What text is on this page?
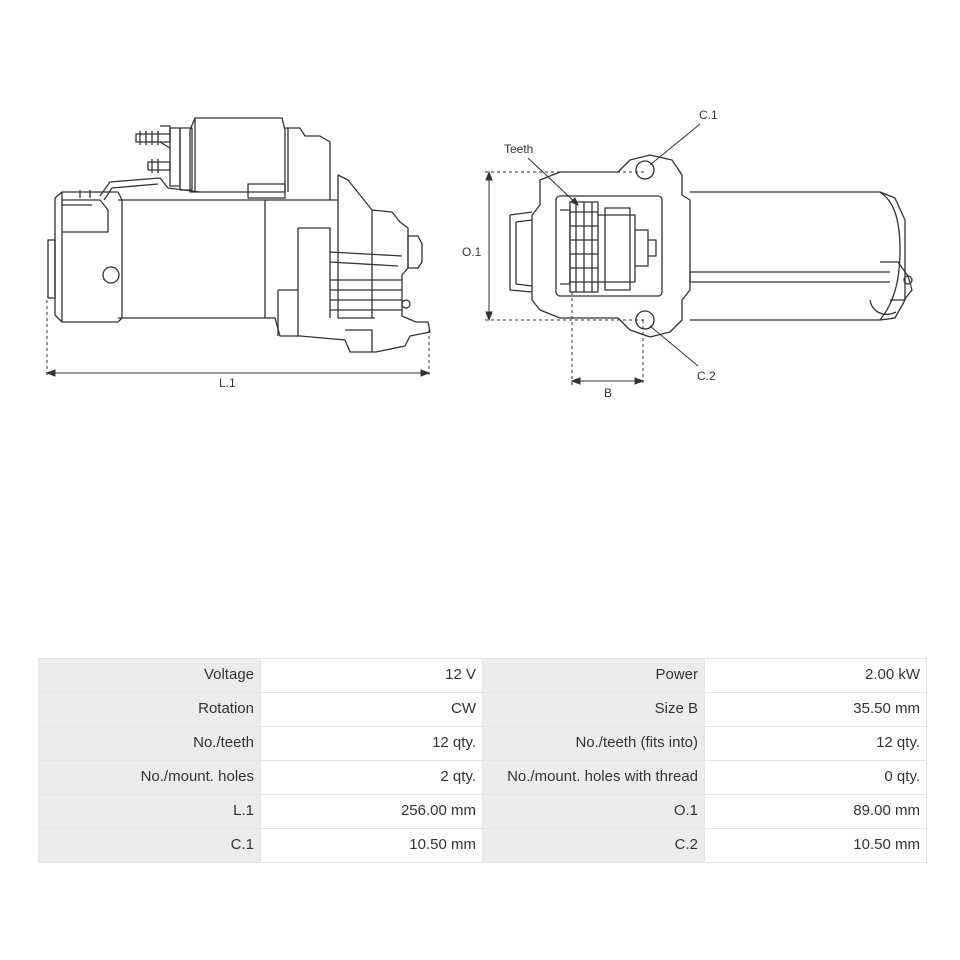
Teeth
C.1
C.2
O.1
L.1
B
Voltage	12 V	Power	2.00 kW
Rotation	CW	Size B	35.50 mm
No./teeth	12 qty.	No./teeth (fits into)	12 qty.
No./mount. holes	2 qty.	No./mount. holes with thread	0 qty.
L.1	256.00 mm	O.1	89.00 mm
C.1	10.50 mm	C.2	10.50 mm
